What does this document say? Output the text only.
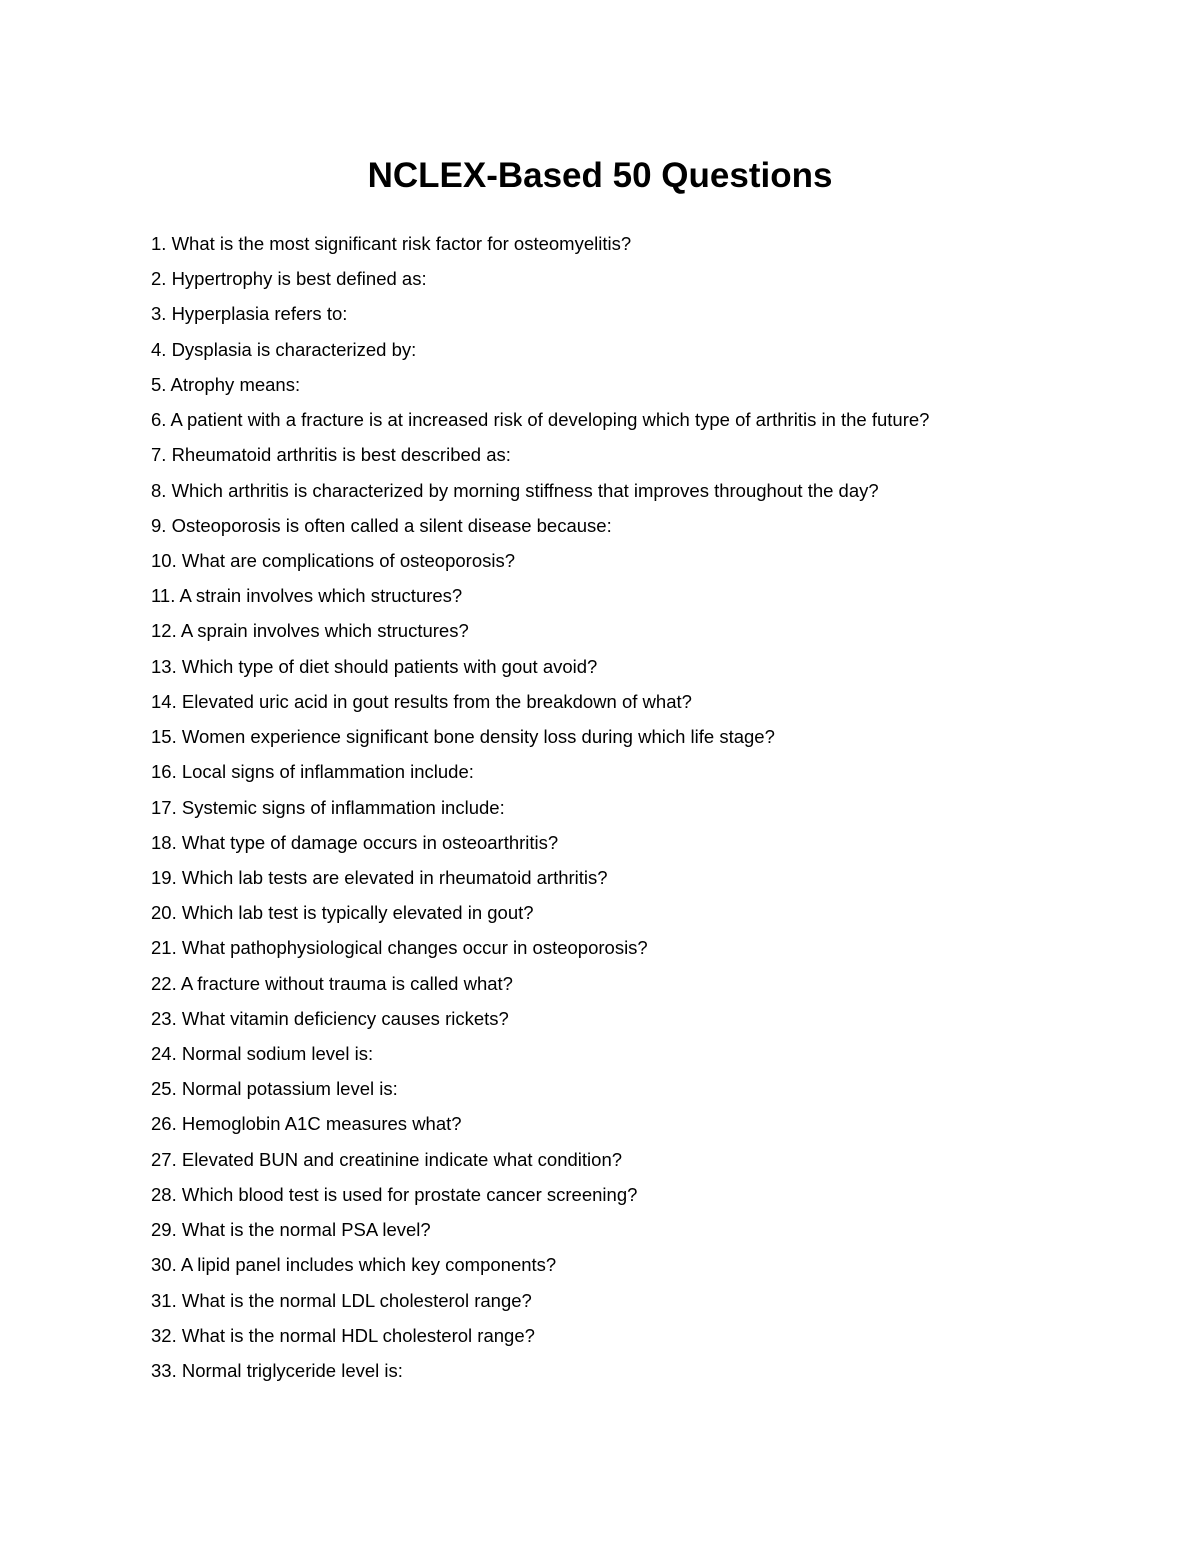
NCLEX-Based 50 Questions
1. What is the most significant risk factor for osteomyelitis?
2. Hypertrophy is best defined as:
3. Hyperplasia refers to:
4. Dysplasia is characterized by:
5. Atrophy means:
6. A patient with a fracture is at increased risk of developing which type of arthritis in the future?
7. Rheumatoid arthritis is best described as:
8. Which arthritis is characterized by morning stiffness that improves throughout the day?
9. Osteoporosis is often called a silent disease because:
10. What are complications of osteoporosis?
11. A strain involves which structures?
12. A sprain involves which structures?
13. Which type of diet should patients with gout avoid?
14. Elevated uric acid in gout results from the breakdown of what?
15. Women experience significant bone density loss during which life stage?
16. Local signs of inflammation include:
17. Systemic signs of inflammation include:
18. What type of damage occurs in osteoarthritis?
19. Which lab tests are elevated in rheumatoid arthritis?
20. Which lab test is typically elevated in gout?
21. What pathophysiological changes occur in osteoporosis?
22. A fracture without trauma is called what?
23. What vitamin deficiency causes rickets?
24. Normal sodium level is:
25. Normal potassium level is:
26. Hemoglobin A1C measures what?
27. Elevated BUN and creatinine indicate what condition?
28. Which blood test is used for prostate cancer screening?
29. What is the normal PSA level?
30. A lipid panel includes which key components?
31. What is the normal LDL cholesterol range?
32. What is the normal HDL cholesterol range?
33. Normal triglyceride level is:
